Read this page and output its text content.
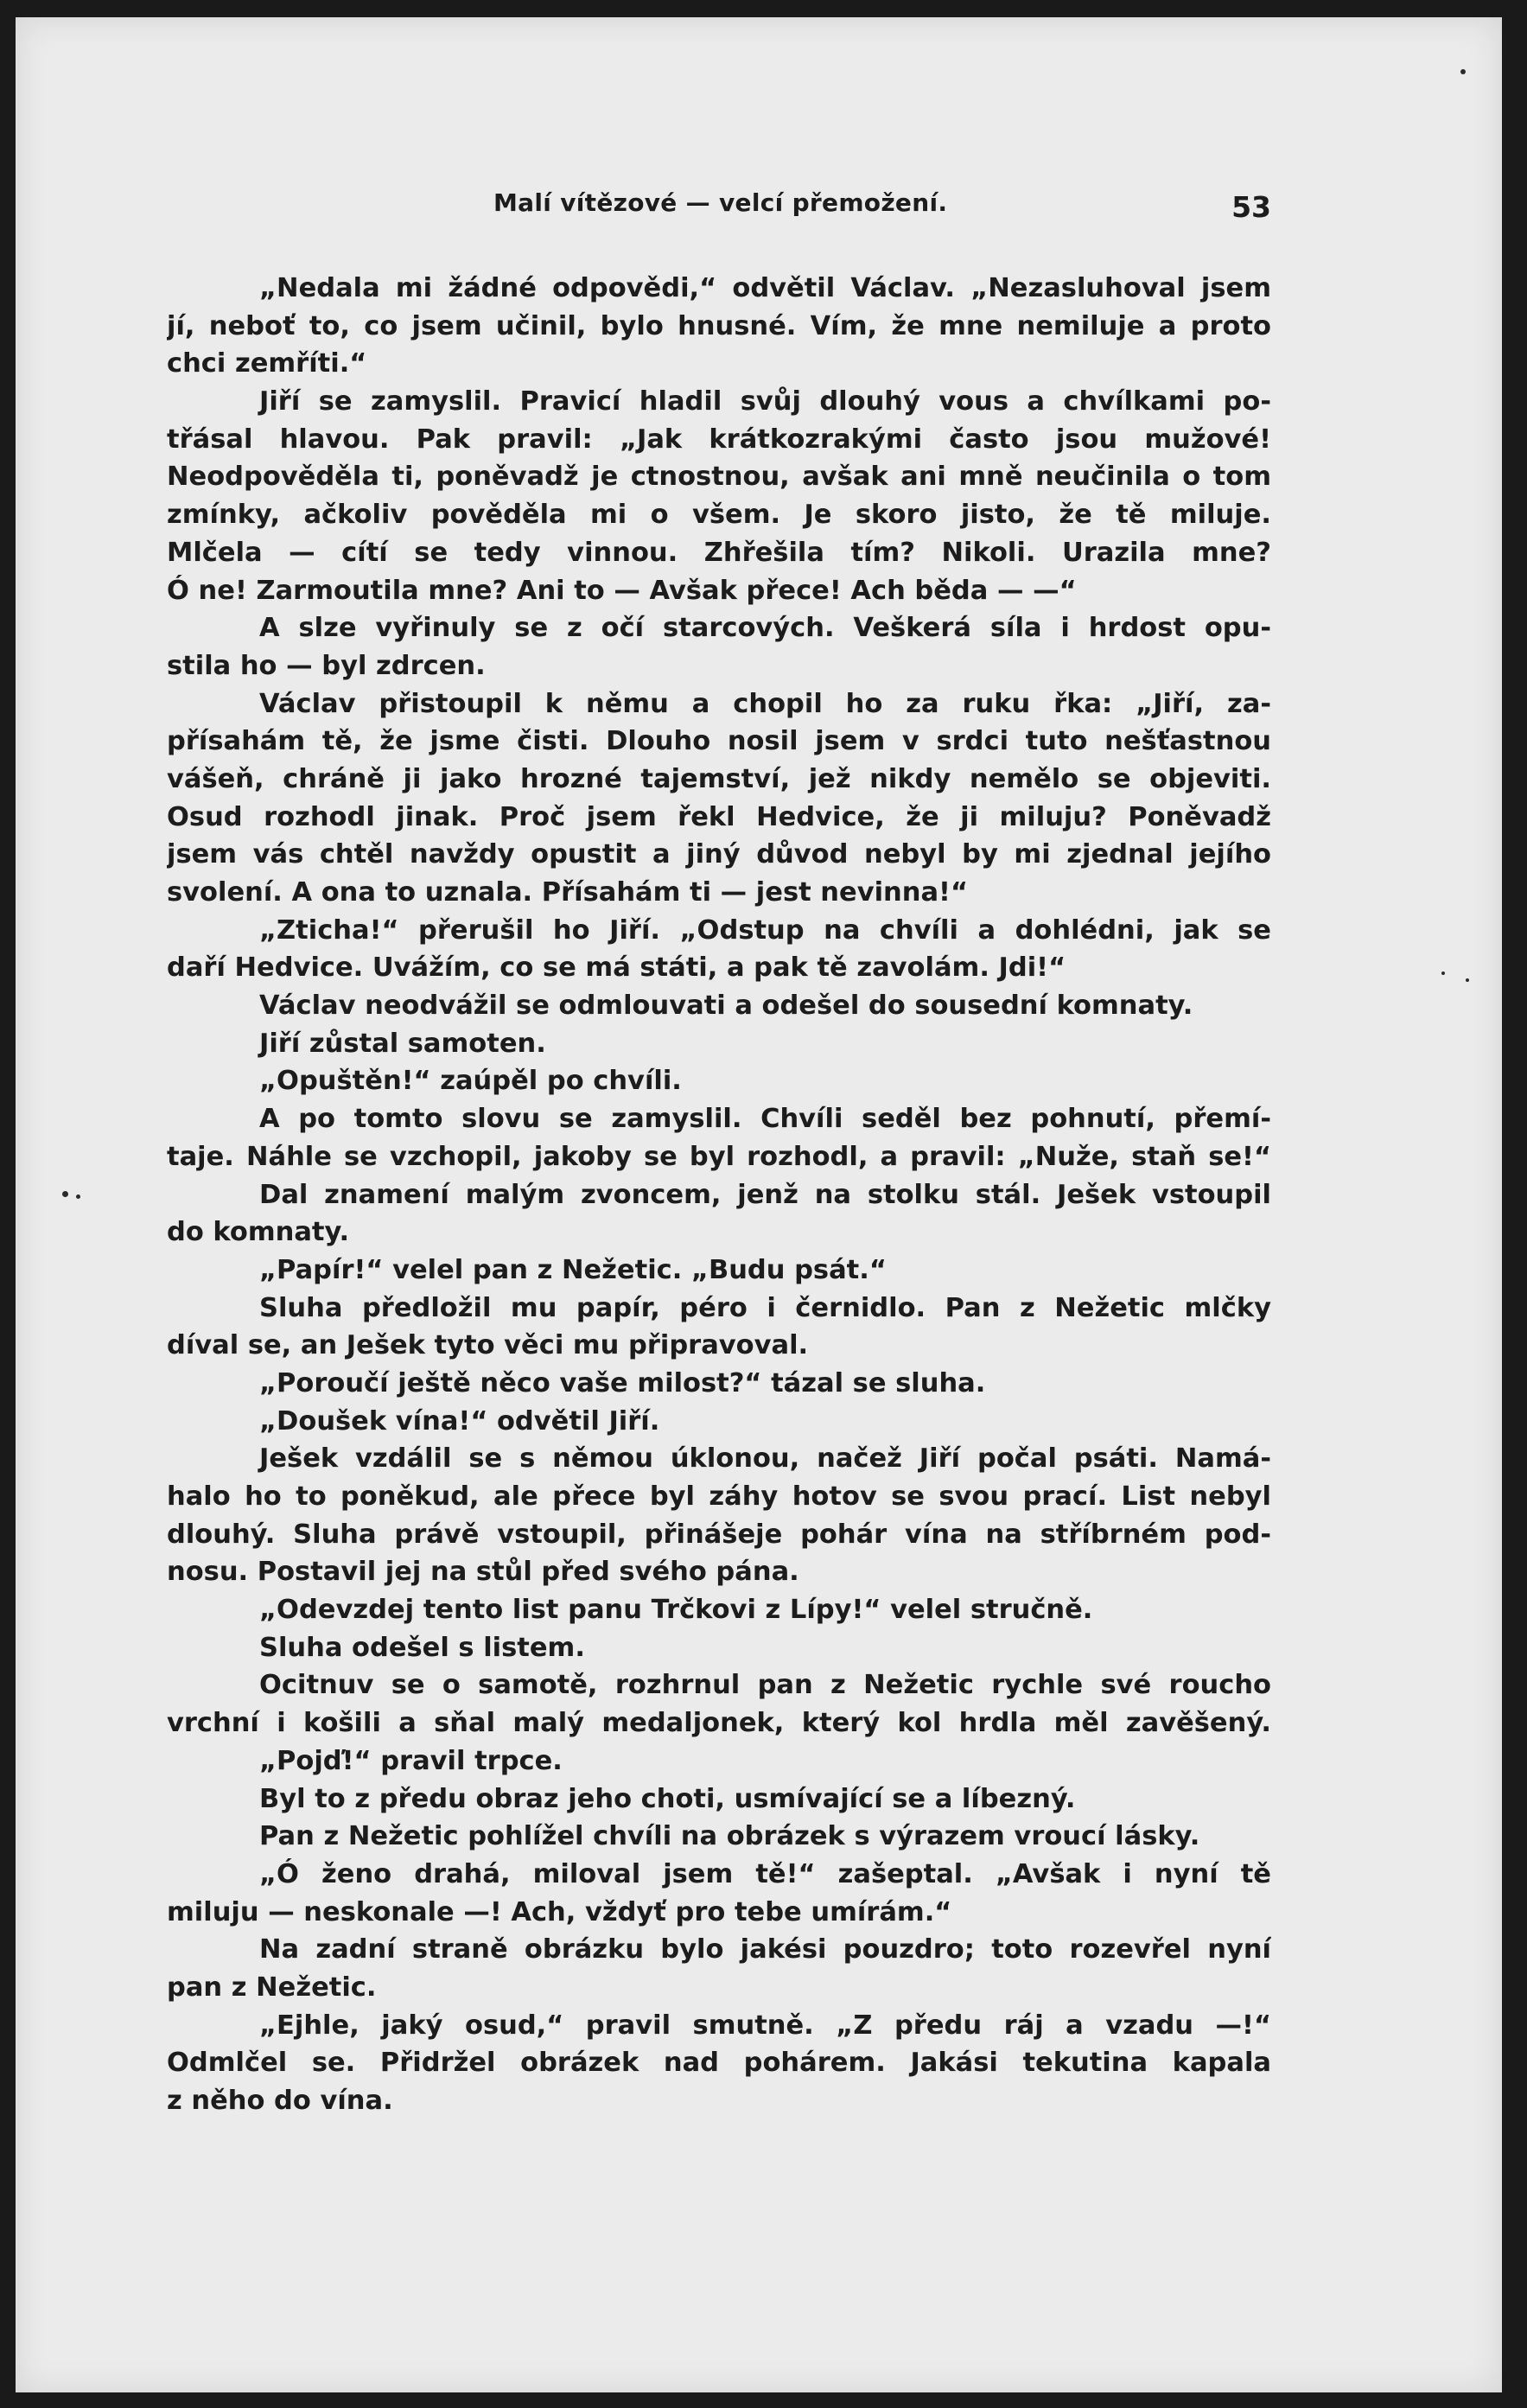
Malí vítězové — velcí přemožení.	53
„Nedala mi žádné odpovědi,“ odvětil Václav. „Nezasluhoval jsem
jí, neboť to, co jsem učinil, bylo hnusné. Vím, že mne nemiluje a proto
chci zemříti.“
Jiří se zamyslil. Pravicí hladil svůj dlouhý vous a chvílkami po-
třásal hlavou. Pak pravil: „Jak krátkozrakými často jsou mužové!
Neodpověděla ti, poněvadž je ctnostnou, avšak ani mně neučinila o tom
zmínky, ačkoliv pověděla mi o všem. Je skoro jisto, že tě miluje.
Mlčela — cítí se tedy vinnou. Zhřešila tím? Nikoli. Urazila mne?
Ó ne! Zarmoutila mne? Ani to — Avšak přece! Ach běda — —“
A slze vyřinuly se z očí starcových. Veškerá síla i hrdost opu-
stila ho — byl zdrcen.
Václav přistoupil k němu a chopil ho za ruku řka: „Jiří, za-
přísahám tě, že jsme čisti. Dlouho nosil jsem v srdci tuto nešťastnou
vášeň, chráně ji jako hrozné tajemství, jež nikdy nemělo se objeviti.
Osud rozhodl jinak. Proč jsem řekl Hedvice, že ji miluju? Poněvadž
jsem vás chtěl navždy opustit a jiný důvod nebyl by mi zjednal jejího
svolení. A ona to uznala. Přísahám ti — jest nevinna!“
„Zticha!“ přerušil ho Jiří. „Odstup na chvíli a dohlédni, jak se
daří Hedvice. Uvážím, co se má státi, a pak tě zavolám. Jdi!“
Václav neodvážil se odmlouvati a odešel do sousední komnaty.
Jiří zůstal samoten.
„Opuštěn!“ zaúpěl po chvíli.
A po tomto slovu se zamyslil. Chvíli seděl bez pohnutí, přemí-
taje. Náhle se vzchopil, jakoby se byl rozhodl, a pravil: „Nuže, staň se!“
Dal znamení malým zvoncem, jenž na stolku stál. Ješek vstoupil
do komnaty.
„Papír!“ velel pan z Nežetic. „Budu psát.“
Sluha předložil mu papír, péro i černidlo. Pan z Nežetic mlčky
díval se, an Ješek tyto věci mu připravoval.
„Poroučí ještě něco vaše milost?“ tázal se sluha.
„Doušek vína!“ odvětil Jiří.
Ješek vzdálil se s němou úklonou, načež Jiří počal psáti. Namá-
halo ho to poněkud, ale přece byl záhy hotov se svou prací. List nebyl
dlouhý. Sluha právě vstoupil, přinášeje pohár vína na stříbrném pod-
nosu. Postavil jej na stůl před svého pána.
„Odevzdej tento list panu Trčkovi z Lípy!“ velel stručně.
Sluha odešel s listem.
Ocitnuv se o samotě, rozhrnul pan z Nežetic rychle své roucho
vrchní i košili a sňal malý medaljonek, který kol hrdla měl zavěšený.
„Pojď!“ pravil trpce.
Byl to z předu obraz jeho choti, usmívající se a líbezný.
Pan z Nežetic pohlížel chvíli na obrázek s výrazem vroucí lásky.
„Ó ženo drahá, miloval jsem tě!“ zašeptal. „Avšak i nyní tě
miluju — neskonale —! Ach, vždyť pro tebe umírám.“
Na zadní straně obrázku bylo jakési pouzdro; toto rozevřel nyní
pan z Nežetic.
„Ejhle, jaký osud,“ pravil smutně. „Z předu ráj a vzadu —!“
Odmlčel se. Přidržel obrázek nad pohárem. Jakási tekutina kapala
z něho do vína.
